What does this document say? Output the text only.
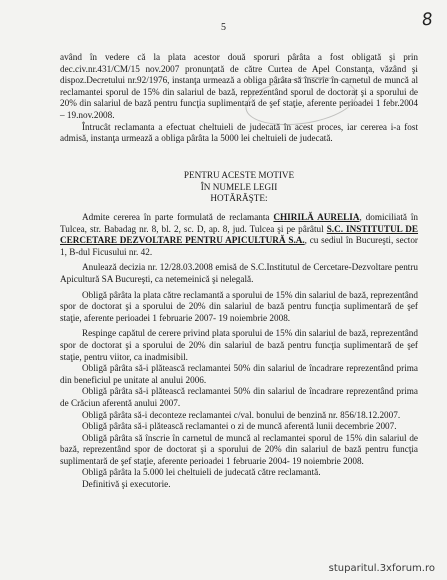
5	8

având în vedere că la plata acestor două sporuri pârâta a fost obligată şi prin dec.civ.nr.431/CM/15 nov.2007 pronunţată de către Curtea de Apel Constanţa, văzând şi dispoz.Decretului nr.92/1976, instanţa urmează a obliga pârâta să înscrie în carnetul de muncă al reclamantei sporul de 15% din salariul de bază, reprezentând sporul de doctorat şi a sporului de 20% din salariul de bază pentru funcţia suplimentară de şef staţie, aferente perioadei 1 febr.2004 – 19.nov.2008.

Întrucât reclamanta a efectuat cheltuieli de judecată în acest proces, iar cererea i-a fost admisă, instanţa urmează a obliga pârâta la 5000 lei cheltuieli de judecată.

PENTRU ACESTE MOTIVE

ÎN NUMELE LEGII

HOTĂRĂŞTE:

Admite cererea în parte formulată de reclamanta CHIRILĂ AURELIA, domiciliată în Tulcea, str. Babadag nr. 8, bl. 2, sc. D, ap. 8, jud. Tulcea şi pe pârâtul S.C. INSTITUTUL DE CERCETARE DEZVOLTARE PENTRU APICULTURĂ S.A., cu sediul în Bucureşti, sector 1, B-dul Ficusului nr. 42.

Anulează decizia nr. 12/28.03.2008 emisă de S.C.Institutul de Cercetare-Dezvoltare pentru Apicultură SA Bucureşti, ca netemeinică şi nelegală.

Obligă pârâta la plata către reclamantă a sporului de 15% din salariul de bază, reprezentând spor de doctorat şi a sporului de 20% din salariul de bază pentru funcţia suplimentară de şef staţie, aferente perioadei 1 februarie 2007- 19 noiembrie 2008.

Respinge capătul de cerere privind plata sporului de 15% din salariul de bază, reprezentând spor de doctorat şi a sporului de 20% din salariul de bază pentru funcţia suplimentară de şef staţie, pentru viitor, ca inadmisibil.

Obligă pârâta să-i plătească reclamantei 50% din salariul de încadrare reprezentând prima din beneficiul pe unitate al anului 2006.

Obligă pârâta să-i plătească reclamantei 50% din salariul de încadrare reprezentând prima de Crăciun aferentă anului 2007.

Obligă pârâta să-i deconteze reclamantei c/val. bonului de benzină nr. 856/18.12.2007.

Obligă pârâta să-i plătească reclamantei o zi de muncă aferentă lunii decembrie 2007.

Obligă pârâta să înscrie în carnetul de muncă al reclamantei sporul de 15% din salariul de bază, reprezentând spor de doctorat şi a sporului de 20% din salariul de bază pentru funcţia suplimentară de şef staţie, aferente perioadei 1 februarie 2004- 19 noiembrie 2008.

Obligă pârâta la 5.000 lei cheltuieli de judecată către reclamantă.

Definitivă şi executorie.

stuparitul.3xforum.ro
